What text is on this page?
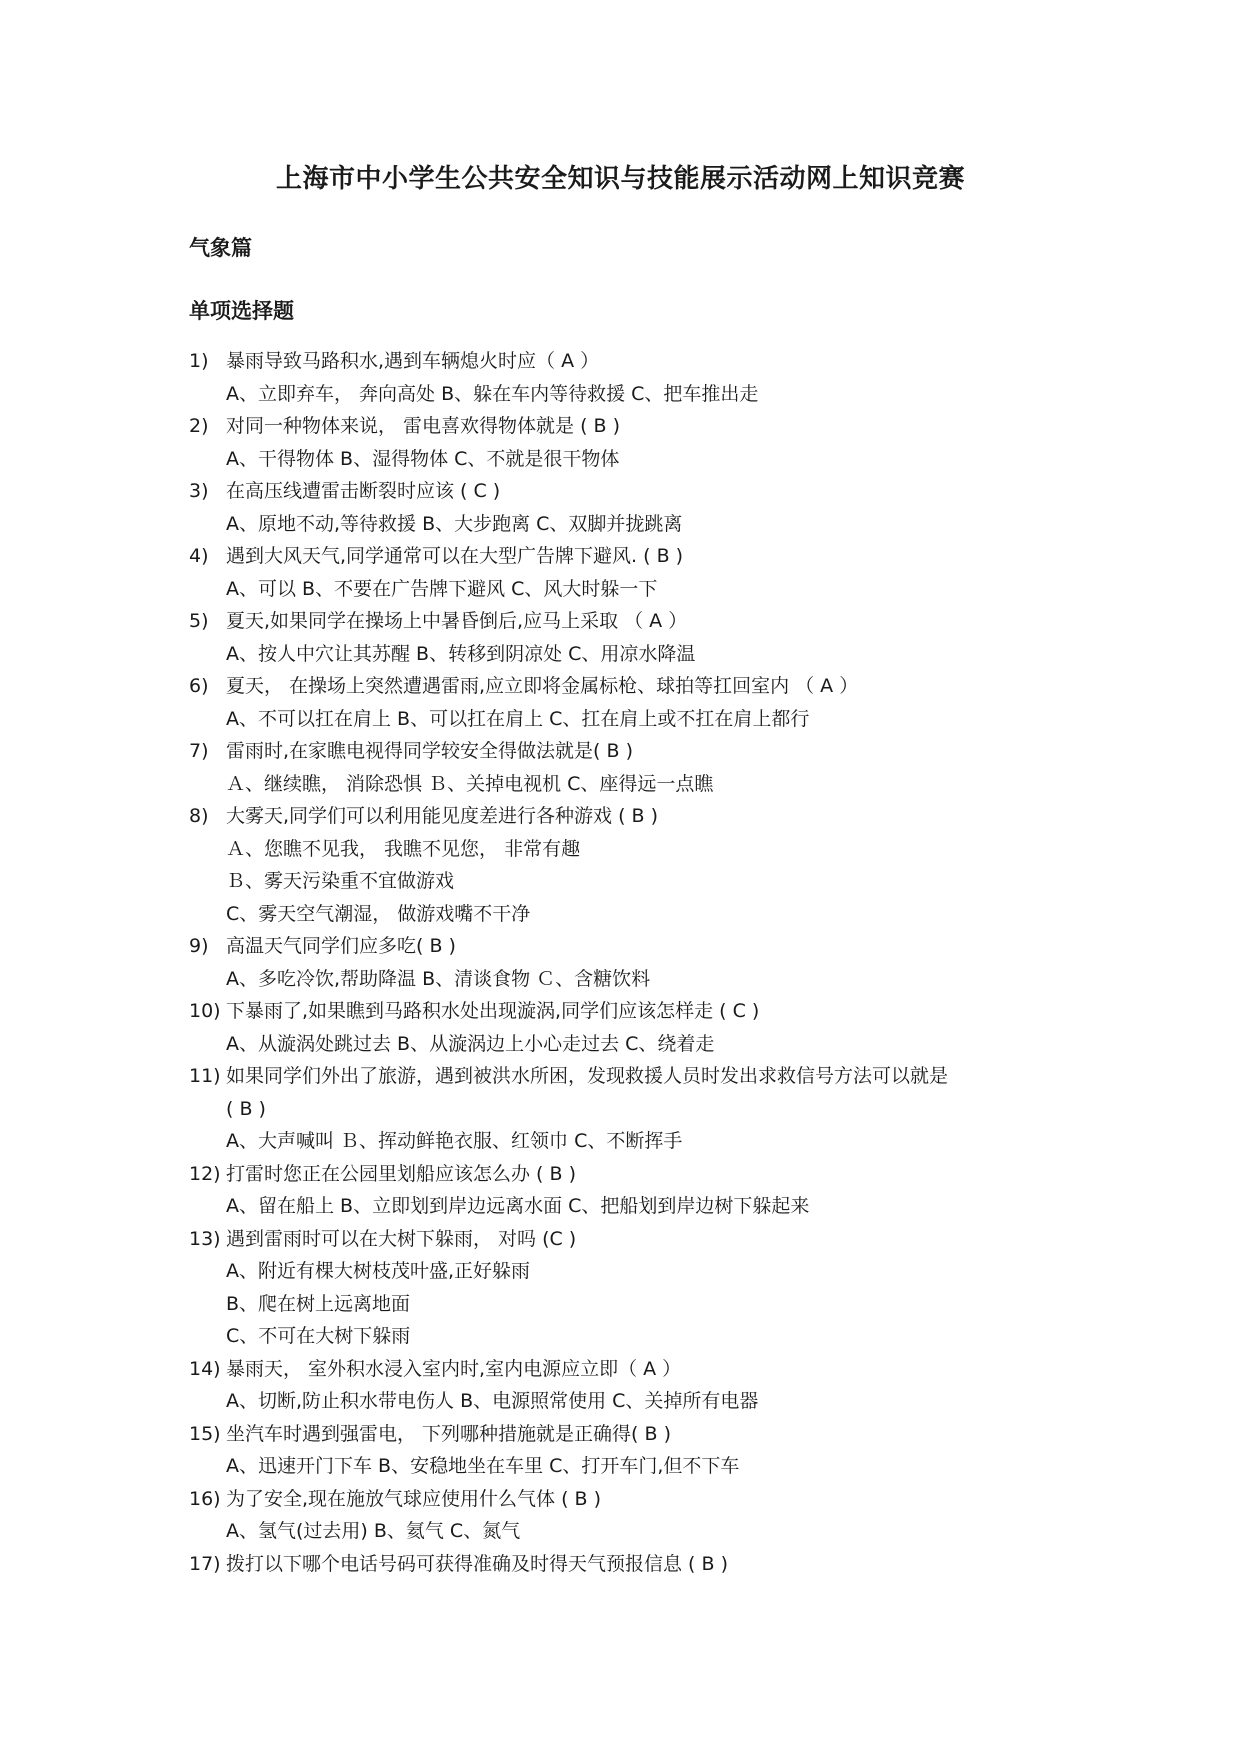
上海市中小学生公共安全知识与技能展示活动网上知识竞赛
气象篇
单项选择题
1) 暴雨导致马路积水,遇到车辆熄火时应（ A ）
A、立即弃车， 奔向高处 B、躲在车内等待救援 C、把车推出走
2) 对同一种物体来说， 雷电喜欢得物体就是 ( B )
A、干得物体 B、湿得物体 C、不就是很干物体
3) 在高压线遭雷击断裂时应该 ( C )
A、原地不动,等待救援 B、大步跑离 C、双脚并拢跳离
4) 遇到大风天气,同学通常可以在大型广告牌下避风. ( B )
A、可以 B、不要在广告牌下避风 C、风大时躲一下
5) 夏天,如果同学在操场上中暑昏倒后,应马上采取 （ A ）
A、按人中穴让其苏醒 B、转移到阴凉处 C、用凉水降温
6) 夏天， 在操场上突然遭遇雷雨,应立即将金属标枪、球拍等扛回室内 （ A ）
A、不可以扛在肩上 B、可以扛在肩上 C、扛在肩上或不扛在肩上都行
7) 雷雨时,在家瞧电视得同学较安全得做法就是( B )
Ａ、继续瞧， 消除恐惧 Ｂ、关掉电视机 C、座得远一点瞧
8) 大雾天,同学们可以利用能见度差进行各种游戏 ( B )
Ａ、您瞧不见我， 我瞧不见您， 非常有趣
Ｂ、雾天污染重不宜做游戏
C、雾天空气潮湿， 做游戏嘴不干净
9) 高温天气同学们应多吃( B )
A、多吃冷饮,帮助降温 B、清谈食物 Ｃ、含糖饮料
10) 下暴雨了,如果瞧到马路积水处出现漩涡,同学们应该怎样走 ( C )
A、从漩涡处跳过去 B、从漩涡边上小心走过去 C、绕着走
11) 如果同学们外出了旅游，遇到被洪水所困，发现救援人员时发出求救信号方法可以就是
( B )
A、大声喊叫 Ｂ、挥动鲜艳衣服、红领巾 C、不断挥手
12) 打雷时您正在公园里划船应该怎么办 ( B )
A、留在船上 B、立即划到岸边远离水面 C、把船划到岸边树下躲起来
13) 遇到雷雨时可以在大树下躲雨， 对吗 (C )
A、附近有棵大树枝茂叶盛,正好躲雨
B、爬在树上远离地面
C、不可在大树下躲雨
14) 暴雨天， 室外积水浸入室内时,室内电源应立即（ A ）
A、切断,防止积水带电伤人 B、电源照常使用 C、关掉所有电器
15) 坐汽车时遇到强雷电， 下列哪种措施就是正确得( B )
A、迅速开门下车 B、安稳地坐在车里 C、打开车门,但不下车
16) 为了安全,现在施放气球应使用什么气体 ( B )
A、氢气(过去用) B、氦气 C、氮气
17) 拨打以下哪个电话号码可获得准确及时得天气预报信息 ( B )
